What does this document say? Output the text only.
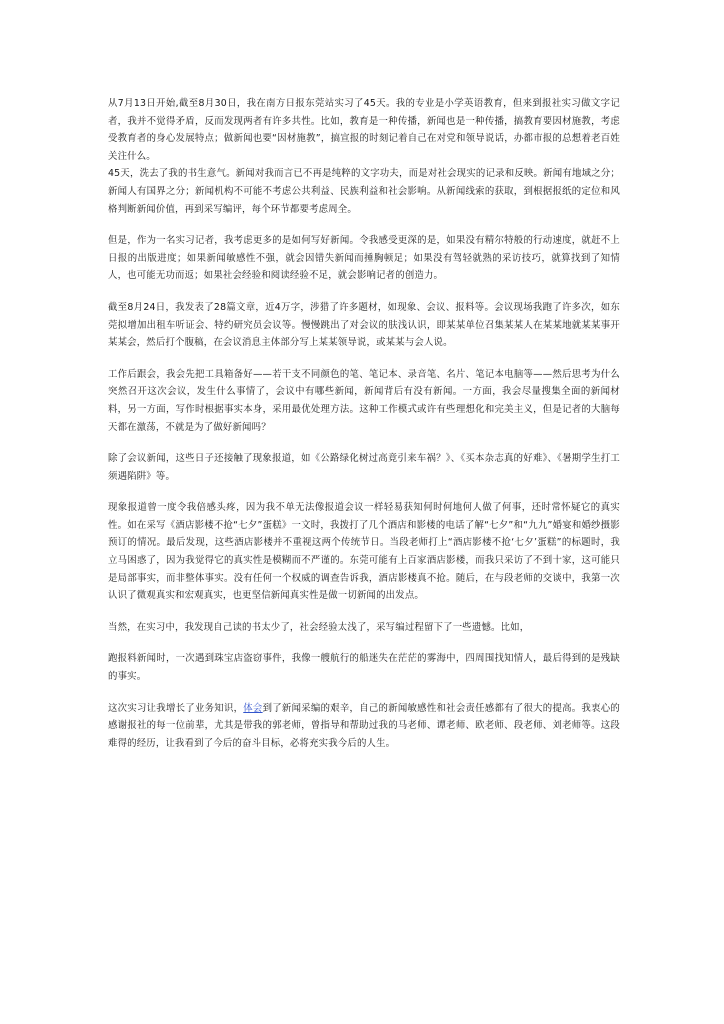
从7月13日开始,截至8月30日，我在南方日报东莞站实习了45天。我的专业是小学英语教育，但来到报社实习做文字记者，我并不觉得矛盾，反而发现两者有许多共性。比如，教育是一种传播，新闻也是一种传播，搞教育要因材施教，考虑受教育者的身心发展特点；做新闻也要“因材施教”，搞宣报的时刻记着自己在对党和领导说话，办都市报的总想着老百姓关注什么。

45天，洗去了我的书生意气。新闻对我而言已不再是纯粹的文字功夫，而是对社会现实的记录和反映。新闻有地域之分；新闻人有国界之分；新闻机构不可能不考虑公共利益、民族利益和社会影响。从新闻线索的获取，到根据报纸的定位和风格判断新闻价值，再到采写编评，每个环节都要考虑周全。

但是，作为一名实习记者，我考虑更多的是如何写好新闻。令我感受更深的是，如果没有精尔特般的行动速度，就赶不上日报的出版进度；如果新闻敏感性不强，就会因错失新闻而捶胸顿足；如果没有驾轻就熟的采访技巧，就算找到了知情人，也可能无功而返；如果社会经验和阅读经验不足，就会影响记者的创造力。

截至8月24日，我发表了28篇文章，近4万字，涉猎了许多题材，如现象、会议、报料等。会议现场我跑了许多次，如东莞拟增加出租车听证会、特约研究员会议等。慢慢跳出了对会议的肤浅认识，即某某单位召集某某人在某某地就某某事开某某会，然后打个腹稿，在会议消息主体部分写上某某领导说，或某某与会人说。

工作后跟会，我会先把工具箱备好——若干支不同颜色的笔、笔记本、录音笔、名片、笔记本电脑等——然后思考为什么突然召开这次会议，发生什么事情了，会议中有哪些新闻，新闻背后有没有新闻。一方面，我会尽量搜集全面的新闻材料，另一方面，写作时根据事实本身，采用最优处理方法。这种工作模式或许有些理想化和完美主义，但是记者的大脑每天都在激荡，不就是为了做好新闻吗？

除了会议新闻，这些日子还接触了现象报道，如《公路绿化树过高竟引来车祸？》、《买本杂志真的好难》、《暑期学生打工须遇陷阱》等。

现象报道曾一度令我倍感头疼，因为我不单无法像报道会议一样轻易获知何时何地何人做了何事，还时常怀疑它的真实性。如在采写《酒店影楼不抢“七夕”蛋糕》一文时，我拨打了几个酒店和影楼的电话了解“七夕”和“九九”婚宴和婚纱摄影预订的情况。最后发现，这些酒店影楼并不重视这两个传统节日。当段老师打上“酒店影楼不抢‘七夕’蛋糕”的标题时，我立马困惑了，因为我觉得它的真实性是模糊而不严谨的。东莞可能有上百家酒店影楼，而我只采访了不到十家，这可能只是局部事实，而非整体事实。没有任何一个权威的调查告诉我，酒店影楼真不抢。随后，在与段老师的交谈中，我第一次认识了微观真实和宏观真实，也更坚信新闻真实性是做一切新闻的出发点。

当然，在实习中，我发现自己读的书太少了，社会经验太浅了，采写编过程留下了一些遗憾。比如，

跑报料新闻时，一次遇到珠宝店盗窃事件，我像一艘航行的船迷失在茫茫的雾海中，四周围找知情人，最后得到的是残缺的事实。

这次实习让我增长了业务知识，体会到了新闻采编的艰辛，自己的新闻敏感性和社会责任感都有了很大的提高。我衷心的感谢报社的每一位前辈，尤其是带我的郭老师，曾指导和帮助过我的马老师、谭老师、欧老师、段老师、刘老师等。这段难得的经历，让我看到了今后的奋斗目标，必将充实我今后的人生。
